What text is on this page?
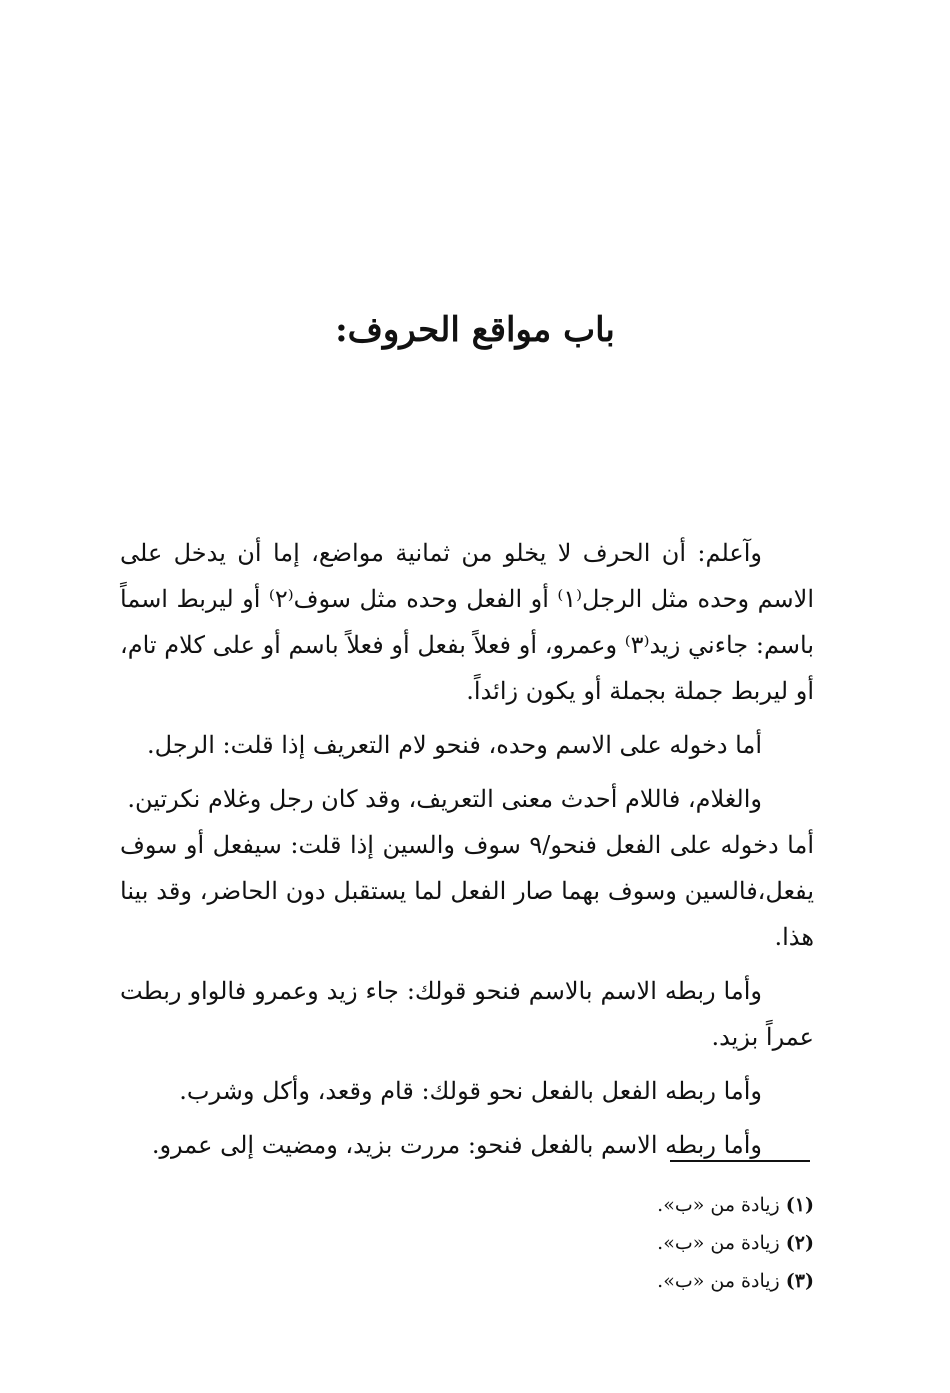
باب مواقع الحروف:

وآعلم: أن الحرف لا يخلو من ثمانية مواضع، إما أن يدخل على الاسم وحده مثل الرجل⁽١⁾ أو الفعل وحده مثل سوف⁽٢⁾ أو ليربط اسماً باسم: جاءني زيد⁽٣⁾ وعمرو، أو فعلاً بفعل أو فعلاً باسم أو على كلام تام، أو ليربط جملة بجملة أو يكون زائداً.

أما دخوله على الاسم وحده، فنحو لام التعريف إذا قلت: الرجل.

والغلام، فاللام أحدث معنى التعريف، وقد كان رجل وغلام نكرتين.

أما دخوله على الفعل فنحو/٩ سوف والسين إذا قلت: سيفعل أو سوف يفعل،فالسين وسوف بهما صار الفعل لما يستقبل دون الحاضر، وقد بينا هذا.

وأما ربطه الاسم بالاسم فنحو قولك: جاء زيد وعمرو فالواو ربطت عمراً بزيد.

وأما ربطه الفعل بالفعل نحو قولك: قام وقعد، وأكل وشرب.

وأما ربطه الاسم بالفعل فنحو: مررت بزيد، ومضيت إلى عمرو.

(١) زيادة من «ب».

(٢) زيادة من «ب».

(٣) زيادة من «ب».
